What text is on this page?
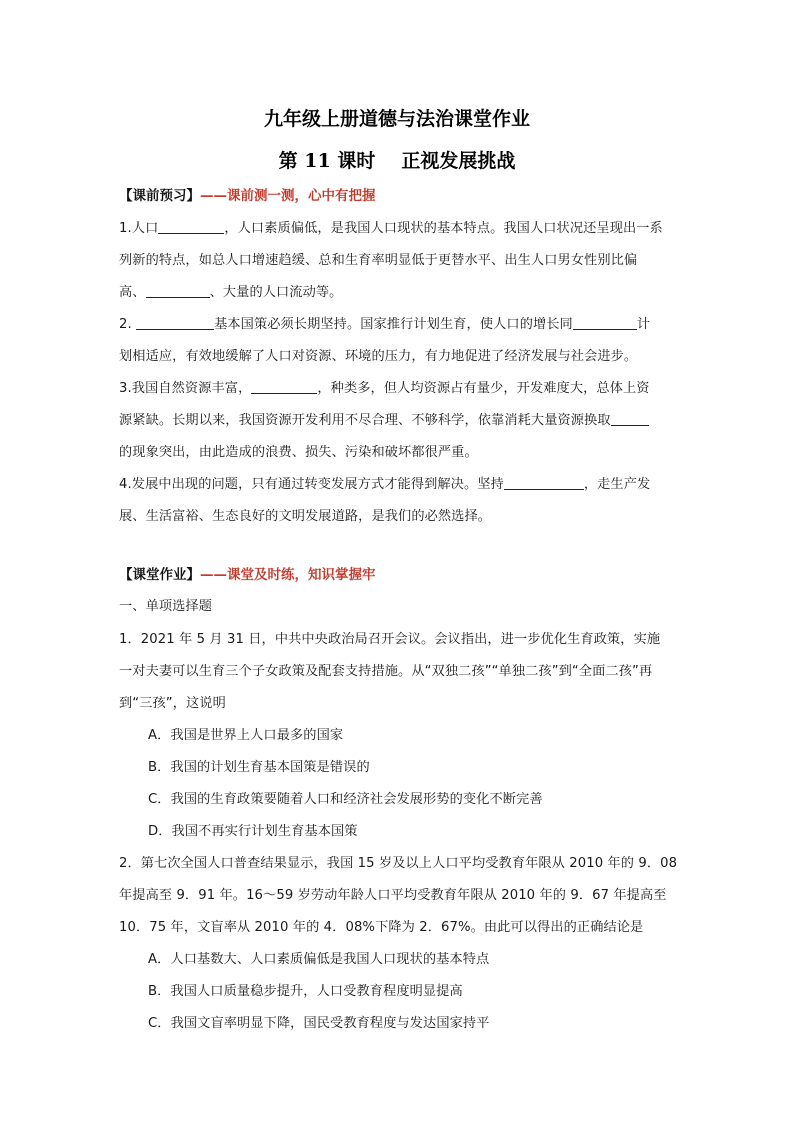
九年级上册道德与法治课堂作业
第 11 课时 正视发展挑战
【课前预习】——课前测一测，心中有把握
1.人口	，人口素质偏低，是我国人口现状的基本特点。我国人口状况还呈现出一系
列新的特点，如总人口增速趋缓、总和生育率明显低于更替水平、出生人口男女性别比偏
高、	、大量的人口流动等。
2.	基本国策必须长期坚持。国家推行计划生育，使人口的增长同	计
划相适应，有效地缓解了人口对资源、环境的压力，有力地促进了经济发展与社会进步。
3.我国自然资源丰富，	，种类多，但人均资源占有量少，开发难度大，总体上资
源紧缺。长期以来，我国资源开发利用不尽合理、不够科学，依靠消耗大量资源换取
的现象突出，由此造成的浪费、损失、污染和破坏都很严重。
4.发展中出现的问题，只有通过转变发展方式才能得到解决。坚持	，走生产发
展、生活富裕、生态良好的文明发展道路，是我们的必然选择。
【课堂作业】——课堂及时练，知识掌握牢
一、单项选择题
1．2021 年 5 月 31 日，中共中央政治局召开会议。会议指出，进一步优化生育政策，实施
一对夫妻可以生育三个子女政策及配套支持措施。从“双独二孩”“单独二孩”到“全面二孩”再
到“三孩”，这说明
A．我国是世界上人口最多的国家
B．我国的计划生育基本国策是错误的
C．我国的生育政策要随着人口和经济社会发展形势的变化不断完善
D．我国不再实行计划生育基本国策
2．第七次全国人口普查结果显示，我国 15 岁及以上人口平均受教育年限从 2010 年的 9．08
年提高至 9．91 年。16～59 岁劳动年龄人口平均受教育年限从 2010 年的 9．67 年提高至
10．75 年，文盲率从 2010 年的 4．08%下降为 2．67%。由此可以得出的正确结论是
A．人口基数大、人口素质偏低是我国人口现状的基本特点
B．我国人口质量稳步提升，人口受教育程度明显提高
C．我国文盲率明显下降，国民受教育程度与发达国家持平
